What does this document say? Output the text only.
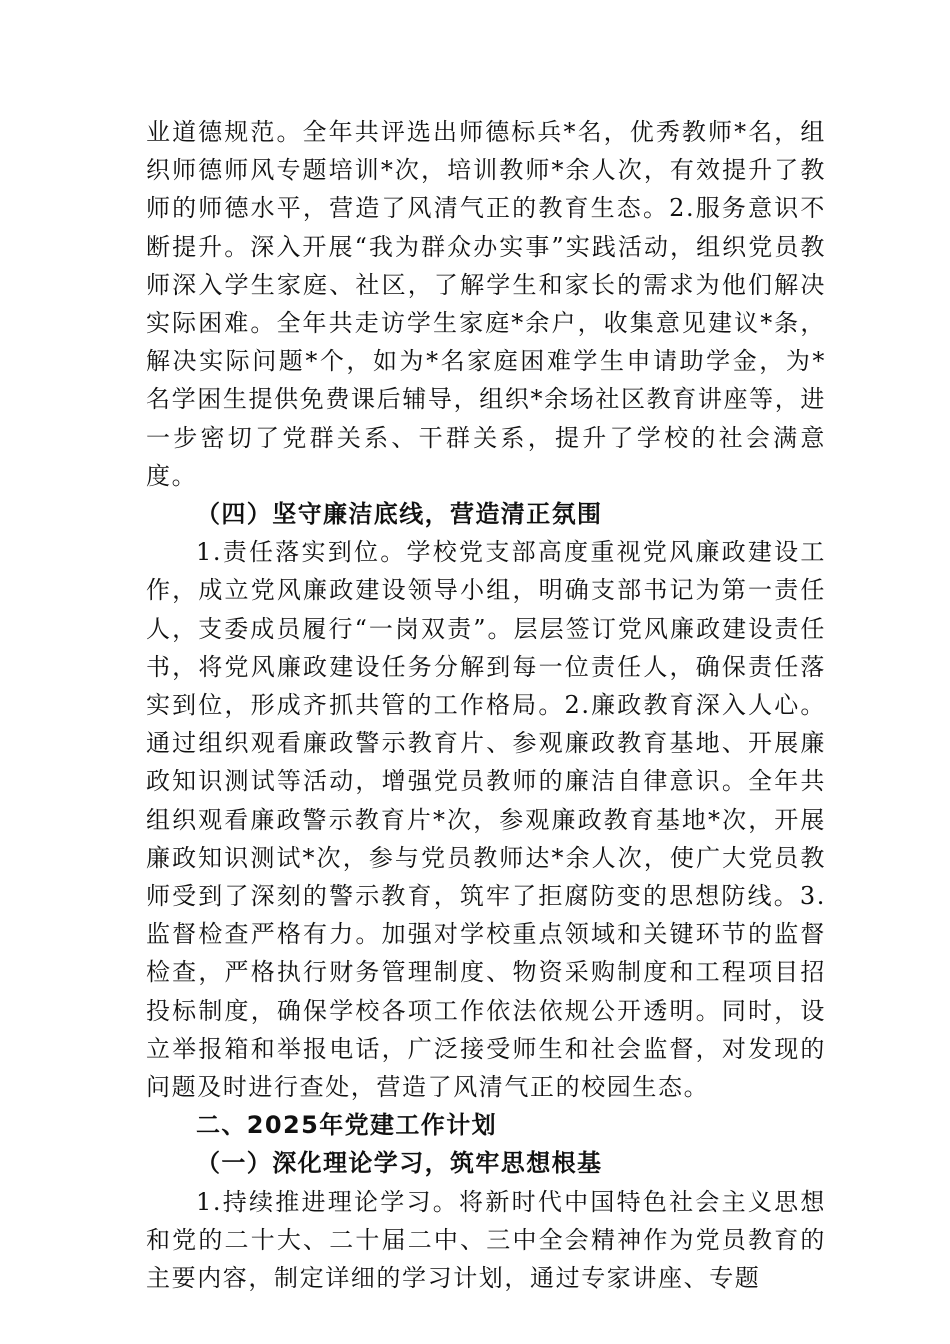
业道德规范。全年共评选出师德标兵*名，优秀教师*名，组织师德师风专题培训*次，培训教师*余人次，有效提升了教师的师德水平，营造了风清气正的教育生态。2.服务意识不断提升。深入开展“我为群众办实事”实践活动，组织党员教师深入学生家庭、社区，了解学生和家长的需求为他们解决实际困难。全年共走访学生家庭*余户，收集意见建议*条，解决实际问题*个，如为*名家庭困难学生申请助学金，为*名学困生提供免费课后辅导，组织*余场社区教育讲座等，进一步密切了党群关系、干群关系，提升了学校的社会满意度。

（四）坚守廉洁底线，营造清正氛围

1.责任落实到位。学校党支部高度重视党风廉政建设工作，成立党风廉政建设领导小组，明确支部书记为第一责任人，支委成员履行“一岗双责”。层层签订党风廉政建设责任书，将党风廉政建设任务分解到每一位责任人，确保责任落实到位，形成齐抓共管的工作格局。2.廉政教育深入人心。通过组织观看廉政警示教育片、参观廉政教育基地、开展廉政知识测试等活动，增强党员教师的廉洁自律意识。全年共组织观看廉政警示教育片*次，参观廉政教育基地*次，开展廉政知识测试*次，参与党员教师达*余人次，使广大党员教师受到了深刻的警示教育，筑牢了拒腐防变的思想防线。3.监督检查严格有力。加强对学校重点领域和关键环节的监督检查，严格执行财务管理制度、物资采购制度和工程项目招投标制度，确保学校各项工作依法依规公开透明。同时，设立举报箱和举报电话，广泛接受师生和社会监督，对发现的问题及时进行查处，营造了风清气正的校园生态。

二、2025年党建工作计划

（一）深化理论学习，筑牢思想根基

1.持续推进理论学习。将新时代中国特色社会主义思想和党的二十大、二十届二中、三中全会精神作为党员教育的主要内容，制定详细的学习计划，通过专家讲座、专题
